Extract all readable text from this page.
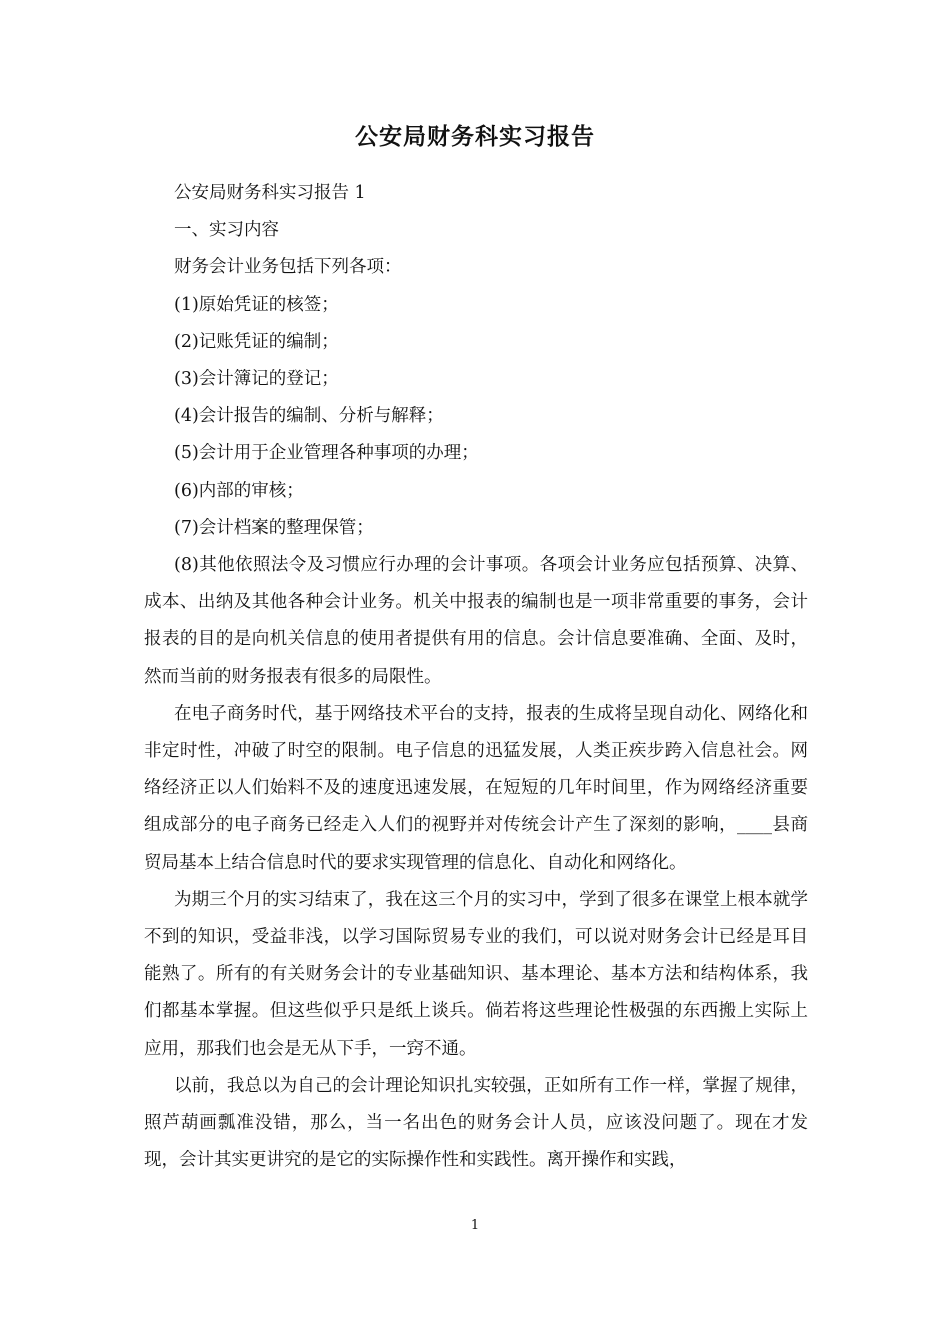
公安局财务科实习报告

公安局财务科实习报告 1

一、实习内容

财务会计业务包括下列各项：

(1)原始凭证的核签；

(2)记账凭证的编制；

(3)会计簿记的登记；

(4)会计报告的编制、分析与解释；

(5)会计用于企业管理各种事项的办理；

(6)内部的审核；

(7)会计档案的整理保管；

(8)其他依照法令及习惯应行办理的会计事项。各项会计业务应包括预算、决算、成本、出纳及其他各种会计业务。机关中报表的编制也是一项非常重要的事务，会计报表的目的是向机关信息的使用者提供有用的信息。会计信息要准确、全面、及时，然而当前的财务报表有很多的局限性。

在电子商务时代，基于网络技术平台的支持，报表的生成将呈现自动化、网络化和非定时性，冲破了时空的限制。电子信息的迅猛发展，人类正疾步跨入信息社会。网络经济正以人们始料不及的速度迅速发展，在短短的几年时间里，作为网络经济重要组成部分的电子商务已经走入人们的视野并对传统会计产生了深刻的影响，____县商贸局基本上结合信息时代的要求实现管理的信息化、自动化和网络化。

为期三个月的实习结束了，我在这三个月的实习中，学到了很多在课堂上根本就学不到的知识，受益非浅，以学习国际贸易专业的我们，可以说对财务会计已经是耳目能熟了。所有的有关财务会计的专业基础知识、基本理论、基本方法和结构体系，我们都基本掌握。但这些似乎只是纸上谈兵。倘若将这些理论性极强的东西搬上实际上应用，那我们也会是无从下手，一窍不通。

以前，我总以为自己的会计理论知识扎实较强，正如所有工作一样，掌握了规律，照芦葫画瓢准没错，那么，当一名出色的财务会计人员，应该没问题了。现在才发现，会计其实更讲究的是它的实际操作性和实践性。离开操作和实践，

1
